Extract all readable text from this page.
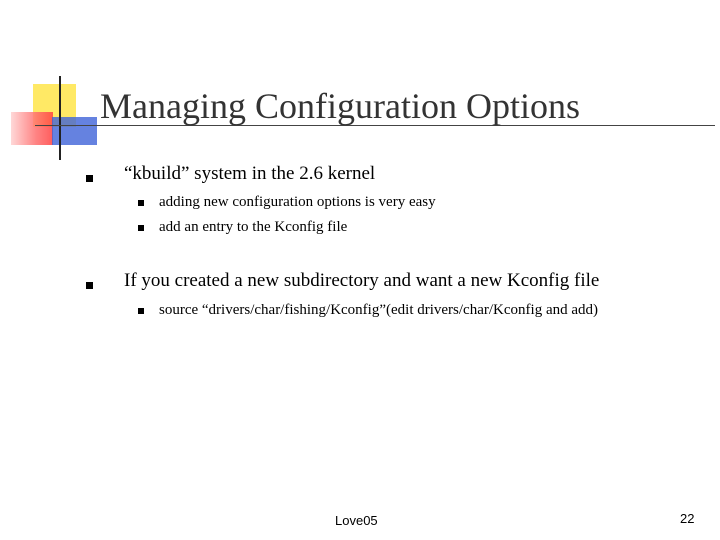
Managing Configuration Options
“kbuild” system in the 2.6 kernel
adding new configuration options is very easy
add an entry to the Kconfig file
If you created a new subdirectory and want a new Kconfig file
source “drivers/char/fishing/Kconfig”(edit drivers/char/Kconfig and add)
Love05	22
